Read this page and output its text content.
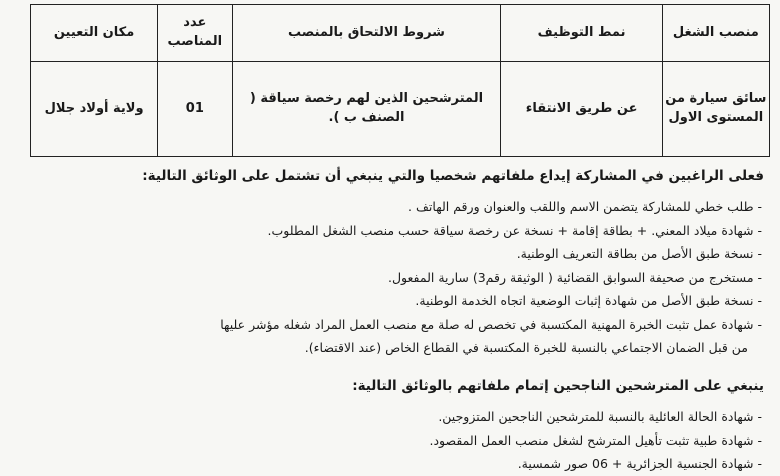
منصب الشغل	نمط التوظيف	شروط الالتحاق بالمنصب	عدد المناصب	مكان التعيين
سائق سيارة من المستوى الاول	عن طريق الانتقاء	المترشحين الذين لهم رخصة سياقة ( الصنف ب ).	01	ولاية أولاد جلال
فعلى الراغبين في المشاركة إيداع ملفاتهم شخصيا والتي ينبغي أن تشتمل على الوثائق التالية:
- طلب خطي للمشاركة يتضمن الاسم واللقب والعنوان ورقم الهاتف .
- شهادة ميلاد المعني. + بطاقة إقامة + نسخة عن رخصة سياقة حسب منصب الشغل المطلوب.
- نسخة طبق الأصل من بطاقة التعريف الوطنية.
- مستخرج من صحيفة السوابق القضائية ( الوثيقة رقم3) سارية المفعول.
- نسخة طبق الأصل من شهادة إثبات الوضعية اتجاه الخدمة الوطنية.
- شهادة عمل تثبت الخبرة المهنية المكتسبة في تخصص له صلة مع منصب العمل المراد شغله مؤشر عليها
من قبل الضمان الاجتماعي بالنسبة للخبرة المكتسبة في القطاع الخاص (عند الاقتضاء).
ينبغي على المترشحين الناجحين إتمام ملفاتهم بالوثائق التالية:
- شهادة الحالة العائلية بالنسبة للمترشحين الناجحين المتزوجين.
- شهادة طبية تثبت تأهيل المترشح لشغل منصب العمل المقصود.
- شهادة الجنسية الجزائرية + 06 صور شمسية.
